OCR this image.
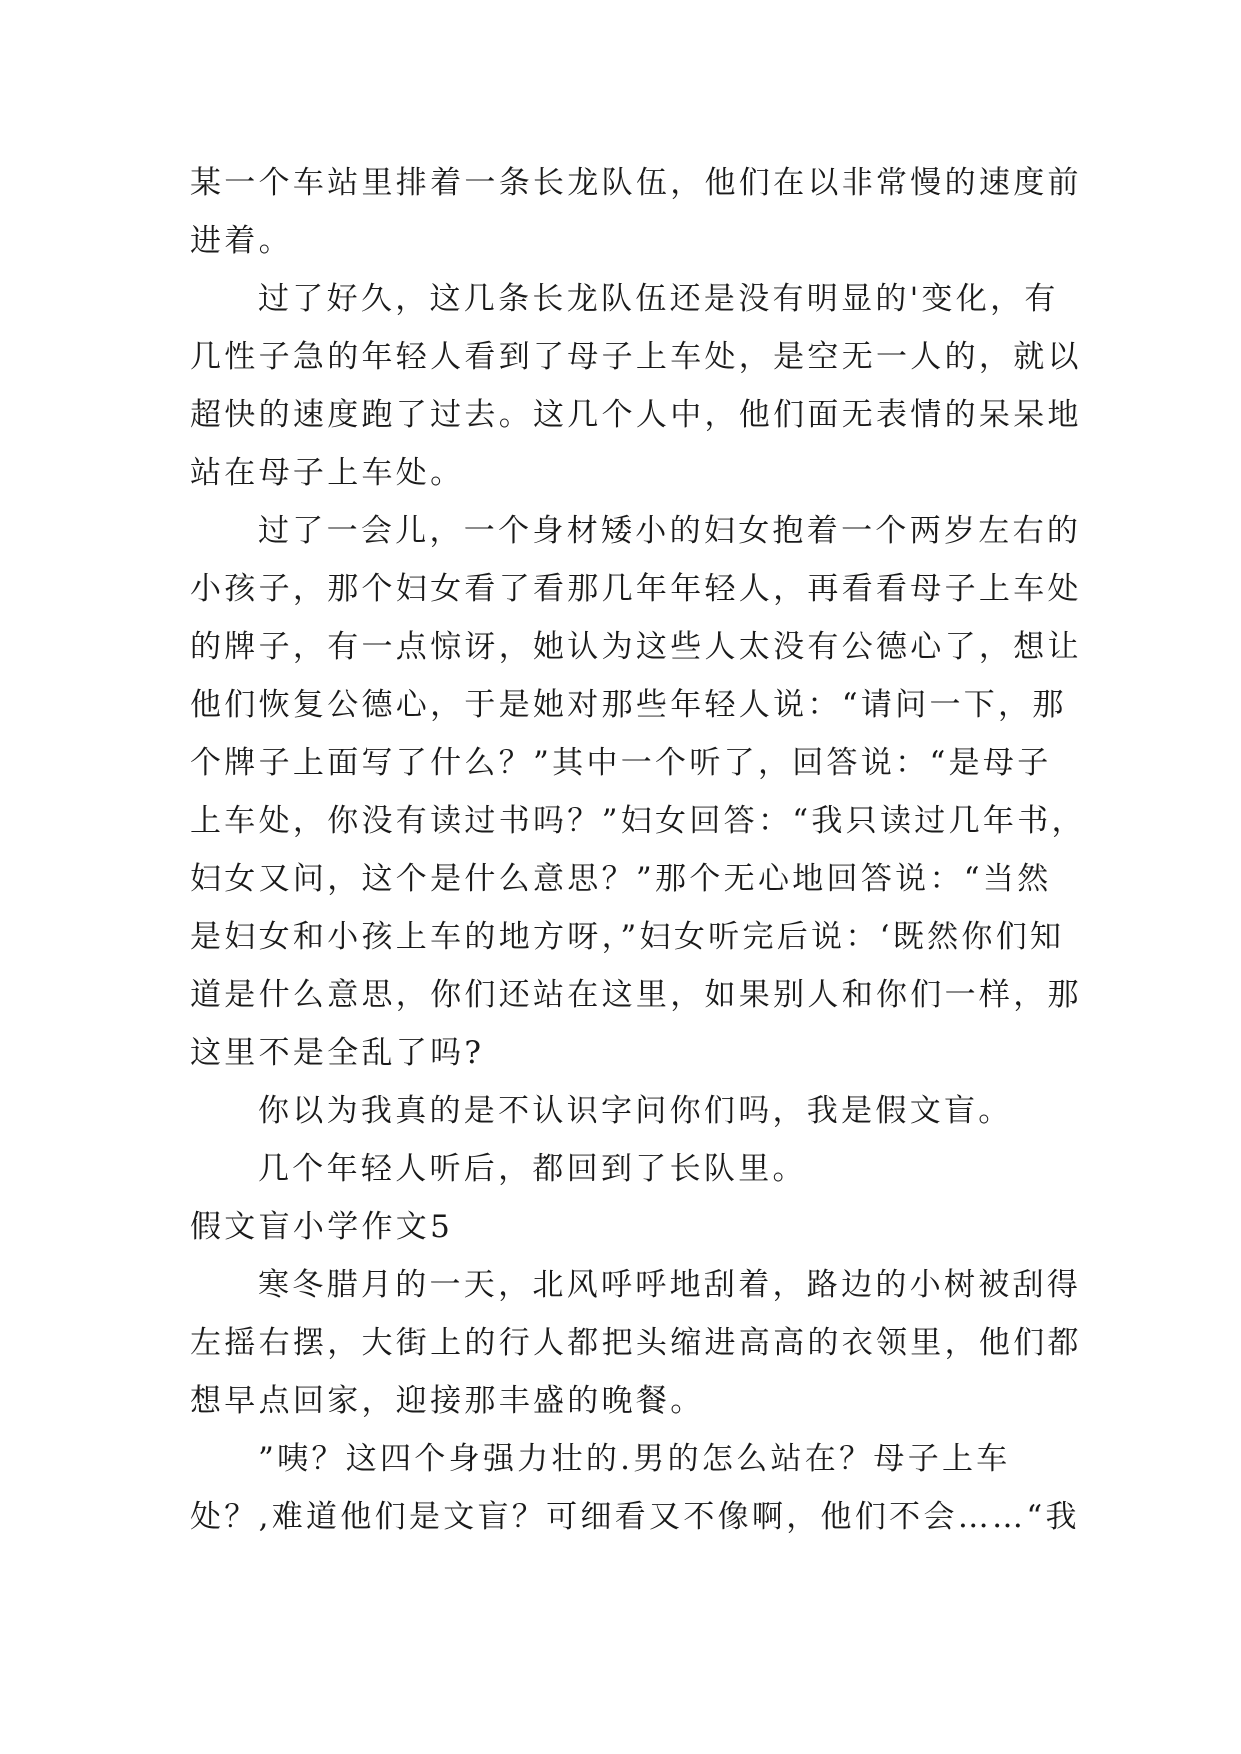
某一个车站里排着一条长龙队伍，他们在以非常慢的速度前
进着。
过了好久，这几条长龙队伍还是没有明显的'变化，有
几性子急的年轻人看到了母子上车处，是空无一人的，就以
超快的速度跑了过去。这几个人中，他们面无表情的呆呆地
站在母子上车处。
过了一会儿，一个身材矮小的妇女抱着一个两岁左右的
小孩子，那个妇女看了看那几年年轻人，再看看母子上车处
的牌子，有一点惊讶，她认为这些人太没有公德心了，想让
他们恢复公德心，于是她对那些年轻人说：“请问一下，那
个牌子上面写了什么？”其中一个听了，回答说：“是母子
上车处，你没有读过书吗？”妇女回答：“我只读过几年书，
妇女又问，这个是什么意思？”那个无心地回答说：“当然
是妇女和小孩上车的地方呀，”妇女听完后说：‘既然你们知
道是什么意思，你们还站在这里，如果别人和你们一样，那
这里不是全乱了吗?
你以为我真的是不认识字问你们吗，我是假文盲。
几个年轻人听后，都回到了长队里。
假文盲小学作文5
寒冬腊月的一天，北风呼呼地刮着，路边的小树被刮得
左摇右摆，大街上的行人都把头缩进高高的衣领里，他们都
想早点回家，迎接那丰盛的晚餐。
”咦？这四个身强力壮的.男的怎么站在？母子上车
处？,难道他们是文盲？可细看又不像啊，他们不会……“我
